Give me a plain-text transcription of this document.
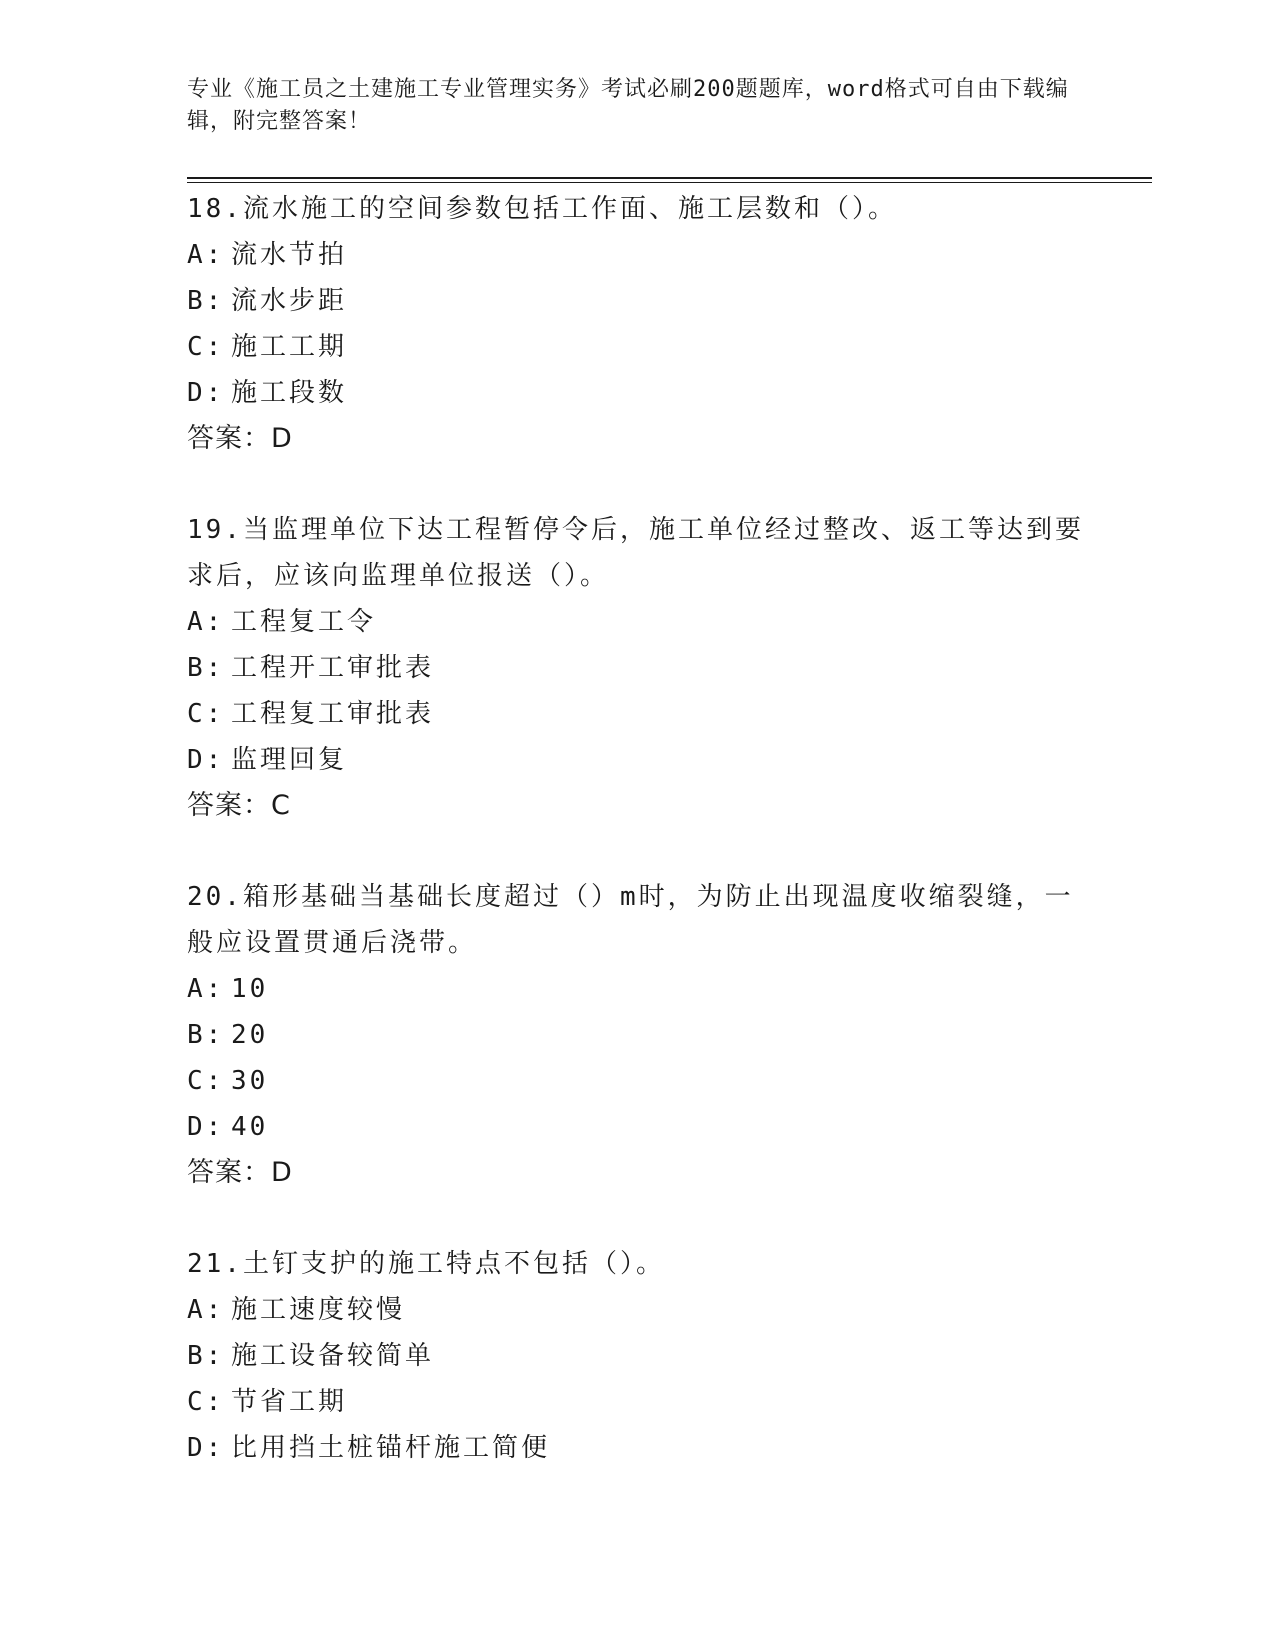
专业《施工员之土建施工专业管理实务》考试必刷200题题库，word格式可自由下载编辑，附完整答案！
18.流水施工的空间参数包括工作面、施工层数和（）。
A: 流水节拍
B: 流水步距
C: 施工工期
D: 施工段数
答案：D
19.当监理单位下达工程暂停令后，施工单位经过整改、返工等达到要求后，应该向监理单位报送（）。
A: 工程复工令
B: 工程开工审批表
C: 工程复工审批表
D: 监理回复
答案：C
20.箱形基础当基础长度超过（）m时，为防止出现温度收缩裂缝，一般应设置贯通后浇带。
A: 10
B: 20
C: 30
D: 40
答案：D
21.土钉支护的施工特点不包括（）。
A: 施工速度较慢
B: 施工设备较简单
C: 节省工期
D: 比用挡土桩锚杆施工简便
